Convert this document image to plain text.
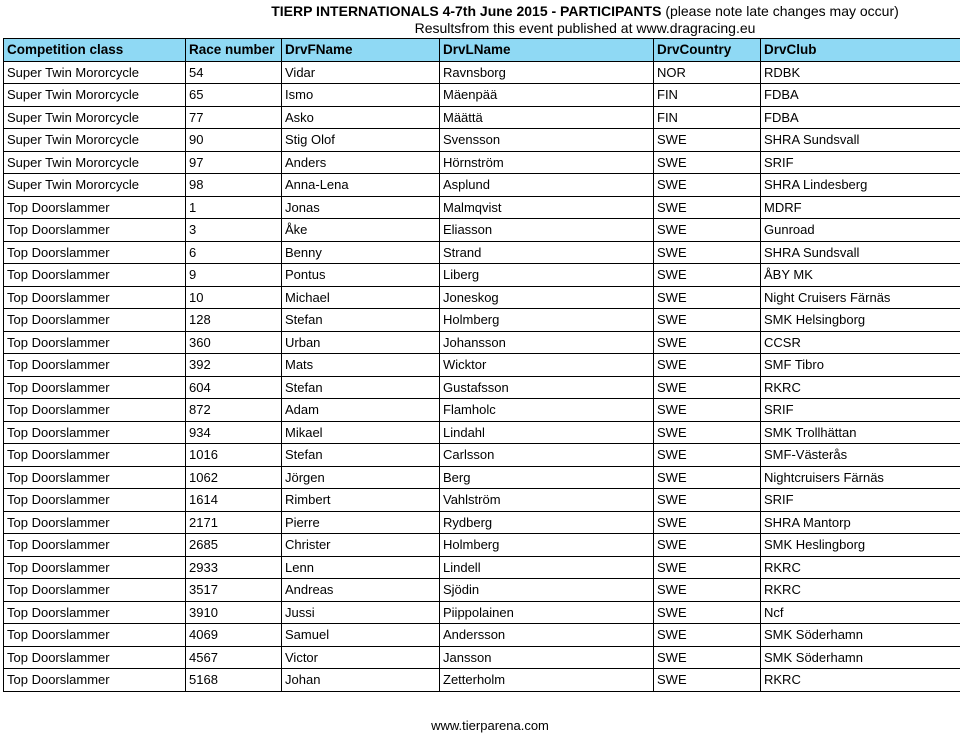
TIERP INTERNATIONALS 4-7th June 2015 - PARTICIPANTS (please note late changes may occur)
Resultsfrom this event published at www.dragracing.eu
Competition class	Race number	DrvFName	DrvLName	DrvCountry	DrvClub
Super Twin Mororcycle	54	Vidar	Ravnsborg	NOR	RDBK
Super Twin Mororcycle	65	Ismo	Mäenpää	FIN	FDBA
Super Twin Mororcycle	77	Asko	Määttä	FIN	FDBA
Super Twin Mororcycle	90	Stig Olof	Svensson	SWE	SHRA Sundsvall
Super Twin Mororcycle	97	Anders	Hörnström	SWE	SRIF
Super Twin Mororcycle	98	Anna-Lena	Asplund	SWE	SHRA Lindesberg
Top Doorslammer	1	Jonas	Malmqvist	SWE	MDRF
Top Doorslammer	3	Åke	Eliasson	SWE	Gunroad
Top Doorslammer	6	Benny	Strand	SWE	SHRA Sundsvall
Top Doorslammer	9	Pontus	Liberg	SWE	ÅBY MK
Top Doorslammer	10	Michael	Joneskog	SWE	Night Cruisers Färnäs
Top Doorslammer	128	Stefan	Holmberg	SWE	SMK Helsingborg
Top Doorslammer	360	Urban	Johansson	SWE	CCSR
Top Doorslammer	392	Mats	Wicktor	SWE	SMF Tibro
Top Doorslammer	604	Stefan	Gustafsson	SWE	RKRC
Top Doorslammer	872	Adam	Flamholc	SWE	SRIF
Top Doorslammer	934	Mikael	Lindahl	SWE	SMK Trollhättan
Top Doorslammer	1016	Stefan	Carlsson	SWE	SMF-Västerås
Top Doorslammer	1062	Jörgen	Berg	SWE	Nightcruisers Färnäs
Top Doorslammer	1614	Rimbert	Vahlström	SWE	SRIF
Top Doorslammer	2171	Pierre	Rydberg	SWE	SHRA Mantorp
Top Doorslammer	2685	Christer	Holmberg	SWE	SMK Heslingborg
Top Doorslammer	2933	Lenn	Lindell	SWE	RKRC
Top Doorslammer	3517	Andreas	Sjödin	SWE	RKRC
Top Doorslammer	3910	Jussi	Piippolainen	SWE	Ncf
Top Doorslammer	4069	Samuel	Andersson	SWE	SMK Söderhamn
Top Doorslammer	4567	Victor	Jansson	SWE	SMK Söderhamn
Top Doorslammer	5168	Johan	Zetterholm	SWE	RKRC
www.tierparena.com
